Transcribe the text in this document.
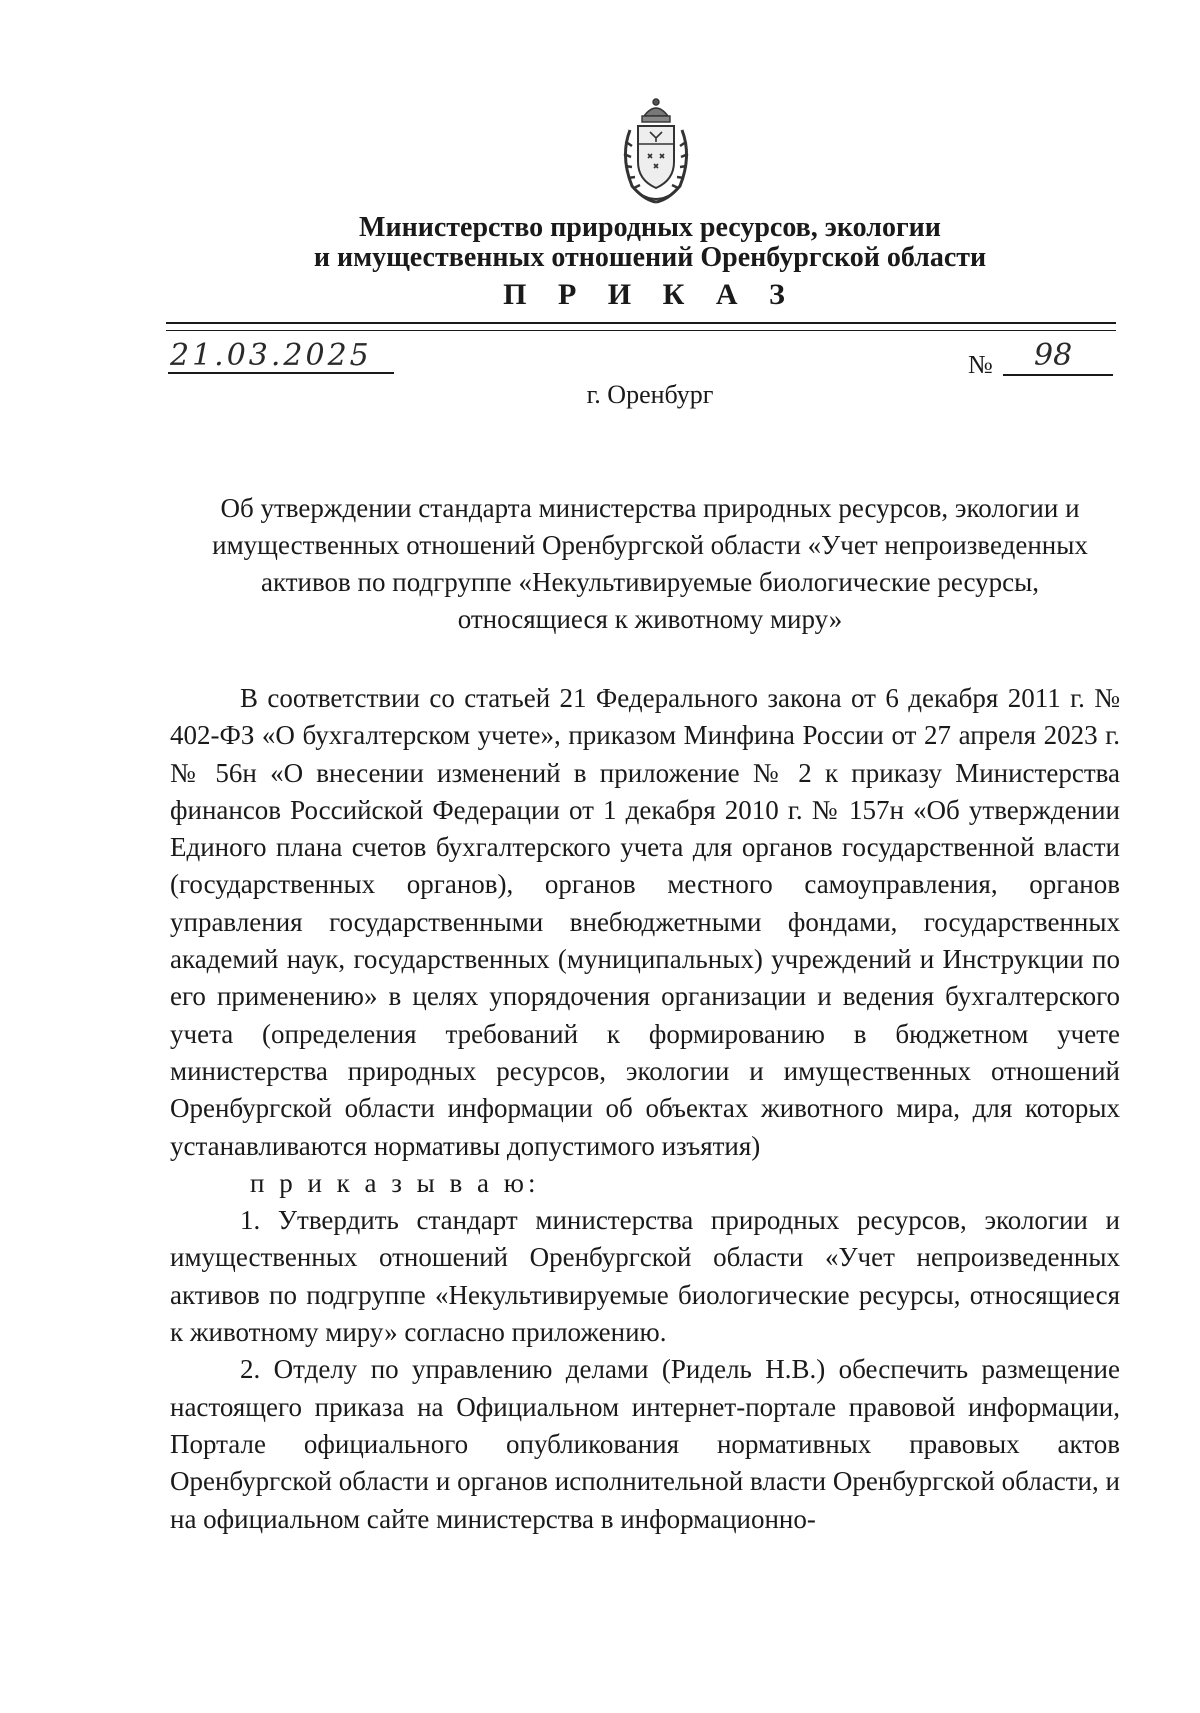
Министерство природных ресурсов, экологии
и имущественных отношений Оренбургской области
П Р И К А З
21.03.2025	№ 98
г. Оренбург
Об утверждении стандарта министерства природных ресурсов, экологии и
имущественных отношений Оренбургской области «Учет непроизведенных
активов по подгруппе «Некультивируемые биологические ресурсы,
относящиеся к животному миру»

В соответствии со статьей 21 Федерального закона от 6 декабря 2011 г. № 402-ФЗ «О бухгалтерском учете», приказом Минфина России от 27 апреля 2023 г. № 56н «О внесении изменений в приложение № 2 к приказу Министерства финансов Российской Федерации от 1 декабря 2010 г. № 157н «Об утверждении Единого плана счетов бухгалтерского учета для органов государственной власти (государственных органов), органов местного самоуправления, органов управления государственными внебюджетными фондами, государственных академий наук, государственных (муниципальных) учреждений и Инструкции по его применению» в целях упорядочения организации и ведения бухгалтерского учета (определения требований к формированию в бюджетном учете министерства природных ресурсов, экологии и имущественных отношений Оренбургской области информации об объектах животного мира, для которых устанавливаются нормативы допустимого изъятия)

п р и к а з ы в а ю:

1. Утвердить стандарт министерства природных ресурсов, экологии и имущественных отношений Оренбургской области «Учет непроизведенных активов по подгруппе «Некультивируемые биологические ресурсы, относящиеся к животному миру» согласно приложению.

2. Отделу по управлению делами (Ридель Н.В.) обеспечить размещение настоящего приказа на Официальном интернет-портале правовой информации, Портале официального опубликования нормативных правовых актов Оренбургской области и органов исполнительной власти Оренбургской области, и на официальном сайте министерства в информационно-
